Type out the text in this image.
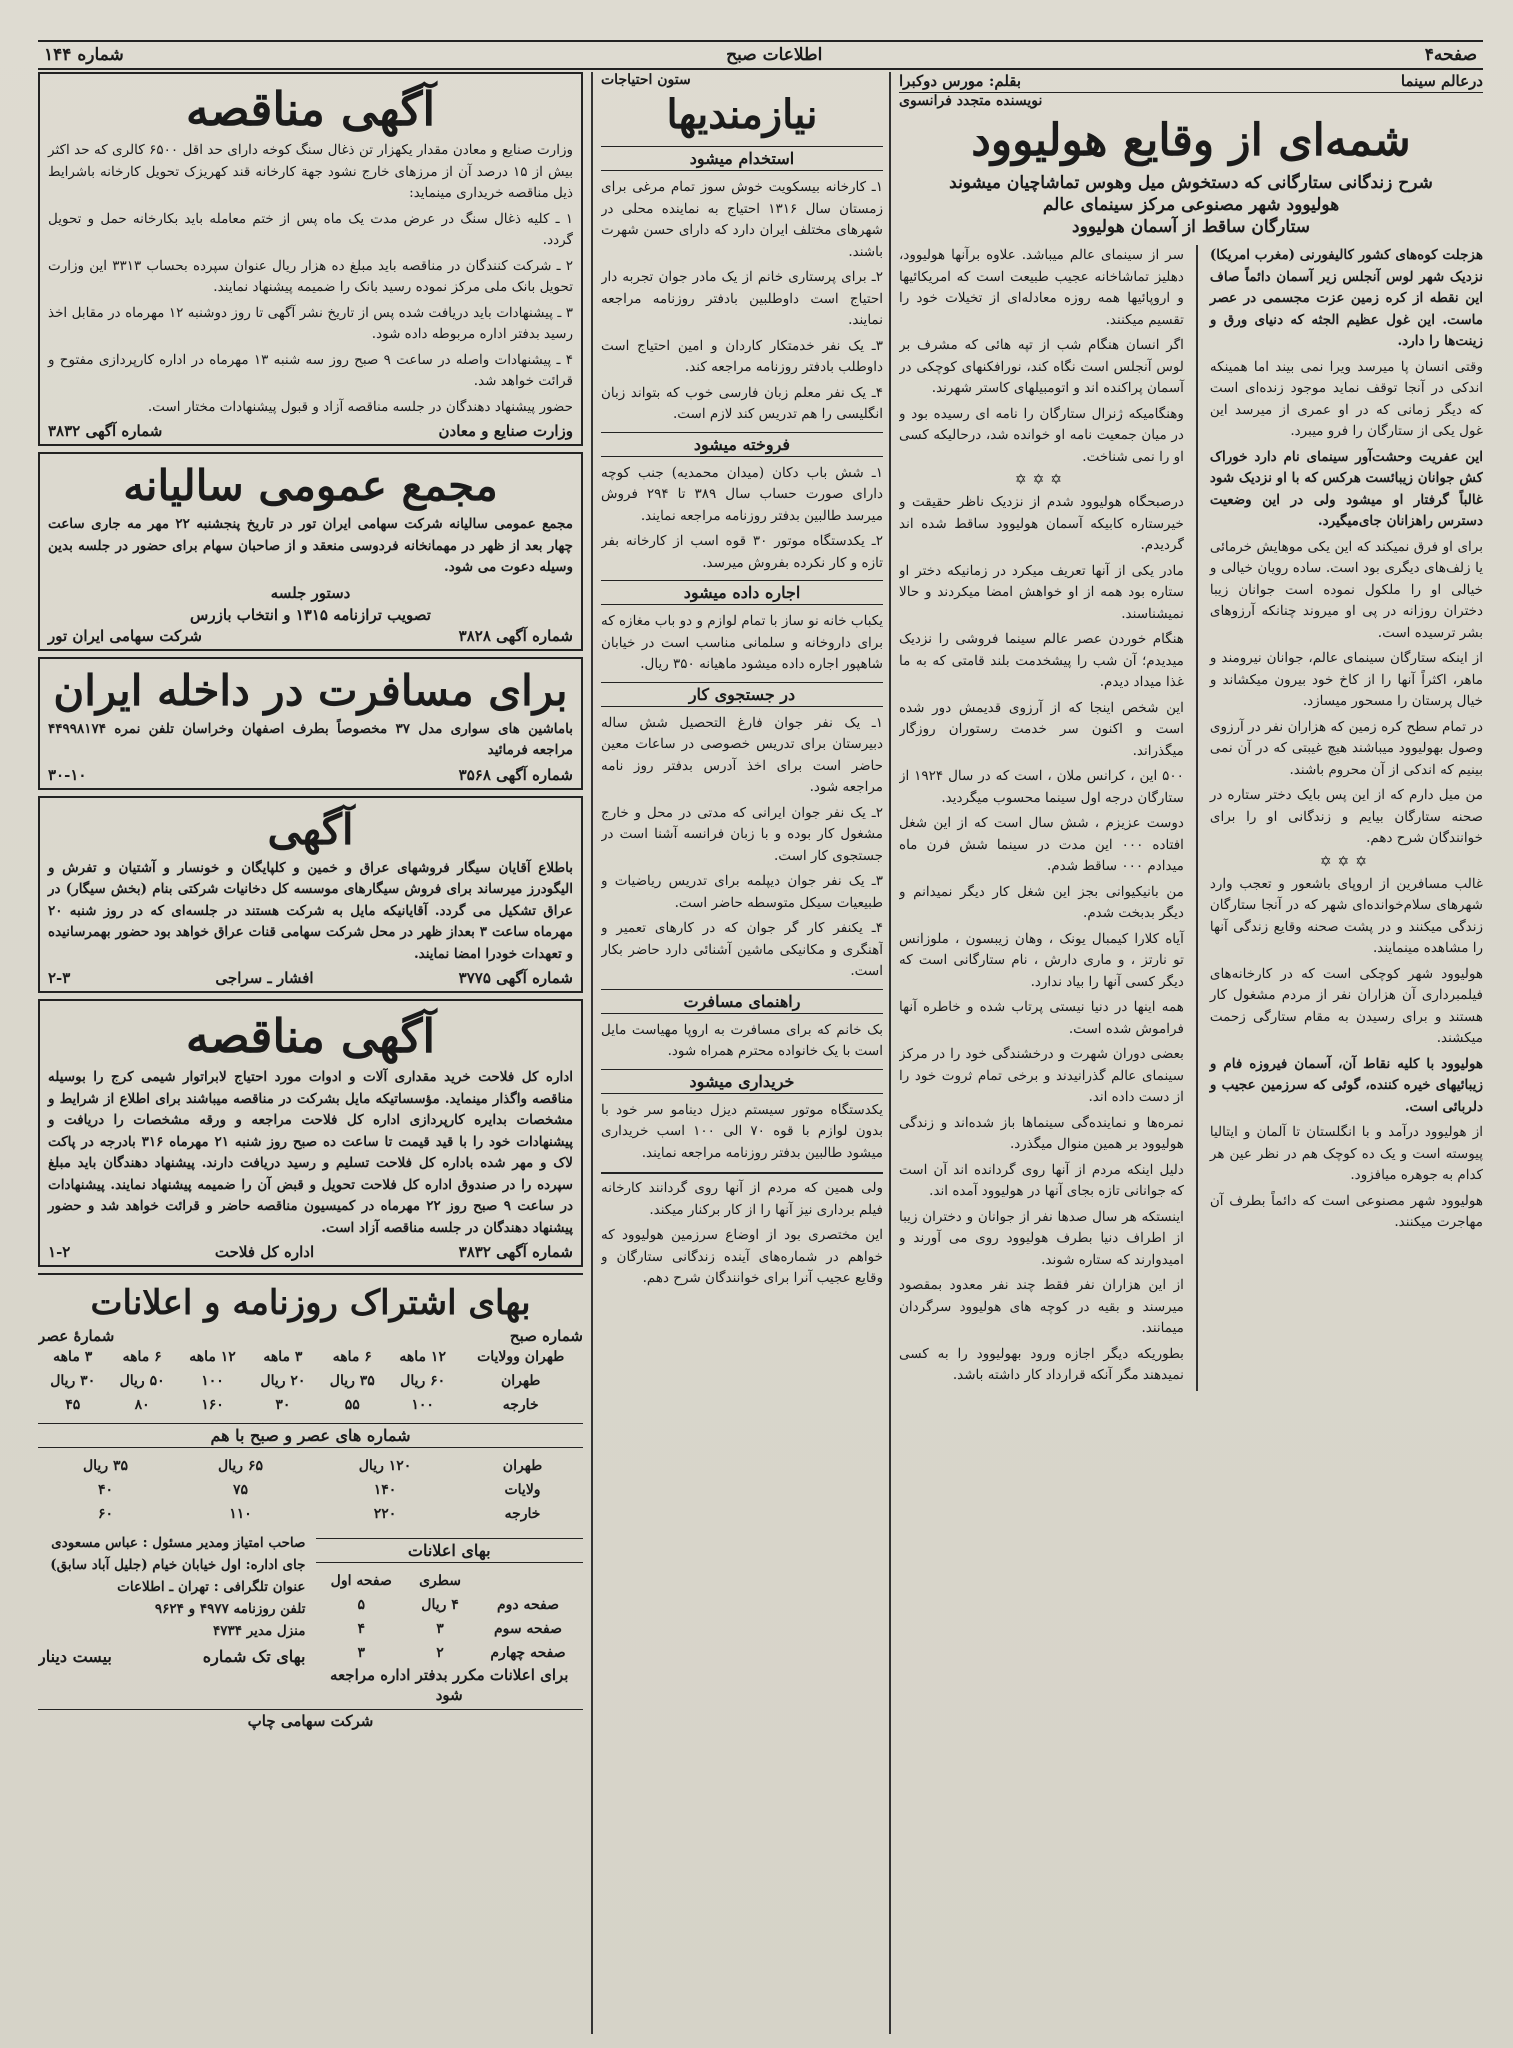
صفحه۴
اطلاعات صبح
شماره ۱۴۴
درعالم سینما
بقلم: مورس دوکبرا
نویسنده متجدد فرانسوی
شمه‌ای از وقایع هولیوود
شرح زندگانی ستارگانی که دستخوش میل وهوس تماشاچیان میشوند
هولیوود شهر مصنوعی مرکز سینمای عالم
ستارگان ساقط از آسمان هولیوود

هزجلت کوه‌های کشور کالیفورنی (مغرب امریکا) نزدیک شهر لوس آنجلس زیر آسمان دائماً صاف این نقطه از کره زمین عزت مجسمی در عصر ماست. این غول عظیم الجثه که دنیای ورق و زینت‌ها را دارد.

وقتی انسان پا میرسد ویرا نمی بیند اما همینکه اندکی در آنجا توقف نماید موجود زنده‌ای است که دیگر زمانی که در او عمری از میرسد این غول یکی از ستارگان را فرو میبرد.

این عفریت وحشت‌آور سینمای نام دارد خوراک کش جوانان زیبائست هرکس که با او نزدیک شود غالباً گرفتار او میشود ولی در این وضعیت دسترس راهزانان جای‌میگیرد.

برای او فرق نمیکند که این یکی موهایش خرمائی یا زلف‌های دیگری بود است. ساده رویان خیالی و خیالی او را ملکول نموده است جوانان زیبا دختران روزانه در پی او میروند چنانکه آرزوهای بشر ترسیده است.

از اینکه ستارگان سینمای عالم، جوانان نیرومند و ماهر، اکثراً آنها را از کاخ خود بیرون میکشاند و خیال پرستان را مسحور میسازد.

در تمام سطح کره زمین که هزاران نفر در آرزوی وصول بهولیوود میباشند هیچ غیبتی که در آن نمی بینیم که اندکی از آن محروم باشند.

من میل دارم که از این پس بایک دختر ستاره در صحنه ستارگان بیایم و زندگانی او را برای خوانندگان شرح دهم.

✡✡✡

غالب مسافرین از اروپای باشعور و تعجب وارد شهرهای سلام‌خوانده‌ای شهر که در آنجا ستارگان زندگی میکنند و در پشت صحنه وقایع زندگی آنها را مشاهده مینمایند.

هولیوود شهر کوچکی است که در کارخانه‌های فیلمبرداری آن هزاران نفر از مردم مشغول کار هستند و برای رسیدن به مقام ستارگی زحمت میکشند.

هولیوود با کلیه نقاط آن، آسمان فیروزه فام و زیبائیهای خیره کننده، گوئی که سرزمین عجیب و دلربائی است.

از هولیوود درآمد و با انگلستان تا آلمان و ایتالیا پیوسته است و یک ده کوچک هم در نظر عین هر کدام به جوهره میافزود.

هولیوود شهر مصنوعی است که دائماً بطرف آن مهاجرت میکنند.

سر از سینمای عالم میباشد. علاوه برآنها هولیوود، دهلیز تماشاخانه عجیب طبیعت است که امریکائیها و اروپائیها همه روزه معادله‌ای از تخیلات خود را تقسیم میکنند.

اگر انسان هنگام شب از تپه هائی که مشرف بر لوس آنجلس است نگاه کند، نورافکنهای کوچکی در آسمان پراکنده اند و اتومبیلهای کاستر شهرند.

وهنگامیکه ژنرال ستارگان را نامه ای رسیده بود و در میان جمعیت نامه او خوانده شد، درحالیکه کسی او را نمی شناخت.

✡✡✡

درصبحگاه هولیوود شدم از نزدیک ناظر حقیقت و خیرستاره کابیکه آسمان هولیوود ساقط شده اند گردیدم.

مادر یکی از آنها تعریف میکرد در زمانیکه دختر او ستاره بود همه از او خواهش امضا میکردند و حالا نمیشناسند.

هنگام خوردن عصر عالم سینما فروشی را نزدیک میدیدم؛ آن شب را پیشخدمت بلند قامتی که به ما غذا میداد دیدم.

این شخص اینجا که از آرزوی قدیمش دور شده است و اکنون سر خدمت رستوران روزگار میگذراند.

۵۰۰ این ، کرانس ملان ، است که در سال ۱۹۲۴ از ستارگان درجه اول سینما محسوب میگردید.

دوست عزیزم ، شش سال است که از این شغل افتاده ۰۰۰ این مدت در سینما شش فرن ماه میدادم ۰۰۰ ساقط شدم.

من بانیکیوانی بجز این شغل کار دیگر نمیدانم و دیگر بدبخت شدم.

آیاه کلارا کیمبال یونک ، وهان زیبسون ، ملوزانس تو نارتز ، و ماری دارش ، نام ستارگانی است که دیگر کسی آنها را بیاد ندارد.

همه اینها در دنیا نیستی پرتاب شده و خاطره آنها فراموش شده است.

بعضی دوران شهرت و درخشندگی خود را در مرکز سینمای عالم گذرانیدند و برخی تمام ثروت خود را از دست داده اند.

نمره‌ها و نماینده‌گی سینماها باز شده‌اند و زندگی هولیوود بر همین منوال میگذرد.

دلیل اینکه مردم از آنها روی گردانده اند آن است که جوانانی تازه بجای آنها در هولیوود آمده اند.

اینستکه هر سال صدها نفر از جوانان و دختران زیبا از اطراف دنیا بطرف هولیوود روی می آورند و امیدوارند که ستاره شوند.

از این هزاران نفر فقط چند نفر معدود بمقصود میرسند و بقیه در کوچه های هولیوود سرگردان میمانند.

بطوریکه دیگر اجازه ورود بهولیوود را به کسی نمیدهند مگر آنکه قرارداد کار داشته باشد.

ستون احتیاجات
نیازمندیها
استخدام میشود

۱ـ کارخانه بیسکویت خوش سوز تمام مرغی برای زمستان سال ۱۳۱۶ احتیاج به نماینده محلی در شهرهای مختلف ایران دارد که دارای حسن شهرت باشند.

۲ـ برای پرستاری خانم از یک مادر جوان تجربه دار احتیاج است داوطلبین بادفتر روزنامه مراجعه نمایند.

۳ـ یک نفر خدمتکار کاردان و امین احتیاج است داوطلب بادفتر روزنامه مراجعه کند.

۴ـ یک نفر معلم زبان فارسی خوب که بتواند زبان انگلیسی را هم تدریس کند لازم است.

فروخته میشود

۱ـ شش باب دکان (میدان محمدیه) جنب کوچه دارای صورت حساب سال ۳۸۹ تا ۲۹۴ فروش میرسد طالبین بدفتر روزنامه مراجعه نمایند.

۲ـ یکدستگاه موتور ۳۰ قوه اسب از کارخانه بفر تازه و کار نکرده بفروش میرسد.

اجاره داده میشود

یکباب خانه نو ساز با تمام لوازم و دو باب مغازه که برای داروخانه و سلمانی مناسب است در خیابان شاهپور اجاره داده میشود ماهیانه ۳۵۰ ریال.

در جستجوی کار

۱ـ یک نفر جوان فارغ التحصیل شش ساله دبیرستان برای تدریس خصوصی در ساعات معین حاضر است برای اخذ آدرس بدفتر روز نامه مراجعه شود.

۲ـ یک نفر جوان ایرانی که مدتی در محل و خارج مشغول کار بوده و با زبان فرانسه آشنا است در جستجوی کار است.

۳ـ یک نفر جوان دیپلمه برای تدریس ریاضیات و طبیعیات سیکل متوسطه حاضر است.

۴ـ یکنفر کار گر جوان که در کارهای تعمیر و آهنگری و مکانیکی ماشین آشنائی دارد حاضر بکار است.

راهنمای مسافرت

بک خانم که برای مسافرت به اروپا مهیاست مایل است با یک خانواده محترم همراه شود.

خریداری میشود

یکدستگاه موتور سیستم دیزل دینامو سر خود با بدون لوازم با قوه ۷۰ الی ۱۰۰ اسب خریداری میشود طالبین بدفتر روزنامه مراجعه نمایند.

ولی همین که مردم از آنها روی گردانند کارخانه فیلم برداری نیز آنها را از کار برکنار میکند.

این مختصری بود از اوضاع سرزمین هولیوود که خواهم در شماره‌های آینده زندگانی ستارگان و وقایع عجیب آنرا برای خوانندگان شرح دهم.

آگهی مناقصه

وزارت صنایع و معادن مقدار یکهزار تن ذغال سنگ کوخه دارای حد اقل ۶۵۰۰ کالری که حد اکثر بیش از ۱۵ درصد آن از مرزهای خارج نشود جهة کارخانه قند کهریزک تحویل کارخانه باشرایط ذیل مناقصه خریداری مینماید:

۱ ـ کلیه ذغال سنگ در عرض مدت یک ماه پس از ختم معامله باید بکارخانه حمل و تحویل گردد.

۲ ـ شرکت کنندگان در مناقصه باید مبلغ ده هزار ریال عنوان سپرده بحساب ۳۳۱۳ این وزارت تحویل بانک ملی مرکز نموده رسید بانک را ضمیمه پیشنهاد نمایند.

۳ ـ پیشنهادات باید دریافت شده پس از تاریخ نشر آگهی تا روز دوشنبه ۱۲ مهرماه در مقابل اخذ رسید بدفتر اداره مربوطه داده شود.

۴ ـ پیشنهادات واصله در ساعت ۹ صبح روز سه شنبه ۱۳ مهرماه در اداره کارپردازی مفتوح و قرائت خواهد شد.

حضور پیشنهاد دهندگان در جلسه مناقصه آزاد و قبول پیشنهادات مختار است.

وزارت صنایع و معادن
شماره آگهی ۳۸۳۲
مجمع عمومی سالیانه

مجمع عمومی سالیانه شرکت سهامی ایران تور در تاریخ پنجشنبه ۲۲ مهر مه جاری ساعت چهار بعد از ظهر در مهمانخانه فردوسی منعقد و از صاحبان سهام برای حضور در جلسه بدین وسیله دعوت می شود.

دستور جلسه
تصویب ترازنامه ۱۳۱۵ و انتخاب بازرس
شماره آگهی ۳۸۲۸
شرکت سهامی ایران تور
برای مسافرت در داخله ایران

باماشین های سواری مدل ۳۷ مخصوصاً بطرف اصفهان وخراسان تلفن نمره ۴۴۹۹۸۱۷۴ مراجعه فرمائید

شماره آگهی ۳۵۶۸
۳۰-۱۰
آگهی

باطلاع آقایان سیگار فروشهای عراق و خمین و کلپایگان و خونسار و آشتیان و تفرش و الیگودرز میرساند برای فروش سیگارهای موسسه کل دخانیات شرکتی بنام (بخش سیگار) در عراق تشکیل می گردد. آقایانیکه مایل به شرکت هستند در جلسه‌ای که در روز شنبه ۲۰ مهرماه ساعت ۳ بعداز ظهر در محل شرکت سهامی قنات عراق خواهد بود حضور بهمرسانیده و تعهدات خودرا امضا نمایند.

شماره آگهی ۳۷۷۵
افشار ـ سراجی
۲-۳
آگهی مناقصه

اداره کل فلاحت خرید مقداری آلات و ادوات مورد احتیاج لابراتوار شیمی کرج را بوسیله مناقصه واگذار مینماید. مؤسساتیکه مایل بشرکت در مناقصه میباشند برای اطلاع از شرایط و مشخصات بدایره کارپردازی اداره کل فلاحت مراجعه و ورقه مشخصات را دریافت و پیشنهادات خود را با قید قیمت تا ساعت ده صبح روز شنبه ۲۱ مهرماه ۳۱۶ بادرجه در پاکت لاک و مهر شده باداره کل فلاحت تسلیم و رسید دریافت دارند. پیشنهاد دهندگان باید مبلغ سپرده را در صندوق اداره کل فلاحت تحویل و قبض آن را ضمیمه پیشنهاد نمایند. پیشنهادات در ساعت ۹ صبح روز ۲۲ مهرماه در کمیسیون مناقصه حاضر و قرائت خواهد شد و حضور پیشنهاد دهندگان در جلسه مناقصه آزاد است.

شماره آگهی ۳۸۳۲
اداره کل فلاحت
۱-۲
بهای اشتراک روزنامه و اعلانات
شماره صبح
شمارهٔ عصر
طهران وولایات	۱۲ ماهه	۶ ماهه	۳ ماهه	۱۲ ماهه	۶ ماهه	۳ ماهه
طهران	۶۰ ریال	۳۵ ریال	۲۰ ریال	۱۰۰	۵۰ ریال	۳۰ ریال
خارجه	۱۰۰	۵۵	۳۰	۱۶۰	۸۰	۴۵
شماره های عصر و صبح با هم
طهران	۱۲۰ ریال	۶۵ ریال	۳۵ ریال
ولایات	۱۴۰	۷۵	۴۰
خارجه	۲۲۰	۱۱۰	۶۰
بهای اعلانات
	سطری	صفحه اول
صفحه دوم	۴ ریال	۵
صفحه سوم	۳	۴
صفحه چهارم	۲	۳
برای اعلانات مکرر بدفتر اداره مراجعه شود
صاحب امتیاز ومدیر مسئول : عباس مسعودی
جای اداره: اول خیابان خیام (جلیل آباد سابق)
عنوان تلگرافی : تهران ـ اطلاعات
تلفن روزنامه ۴۹۷۷ و ۹۶۲۴
منزل مدیر ۴۷۳۴
بهای تک شماره
بیست دینار
شرکت سهامی چاپ
